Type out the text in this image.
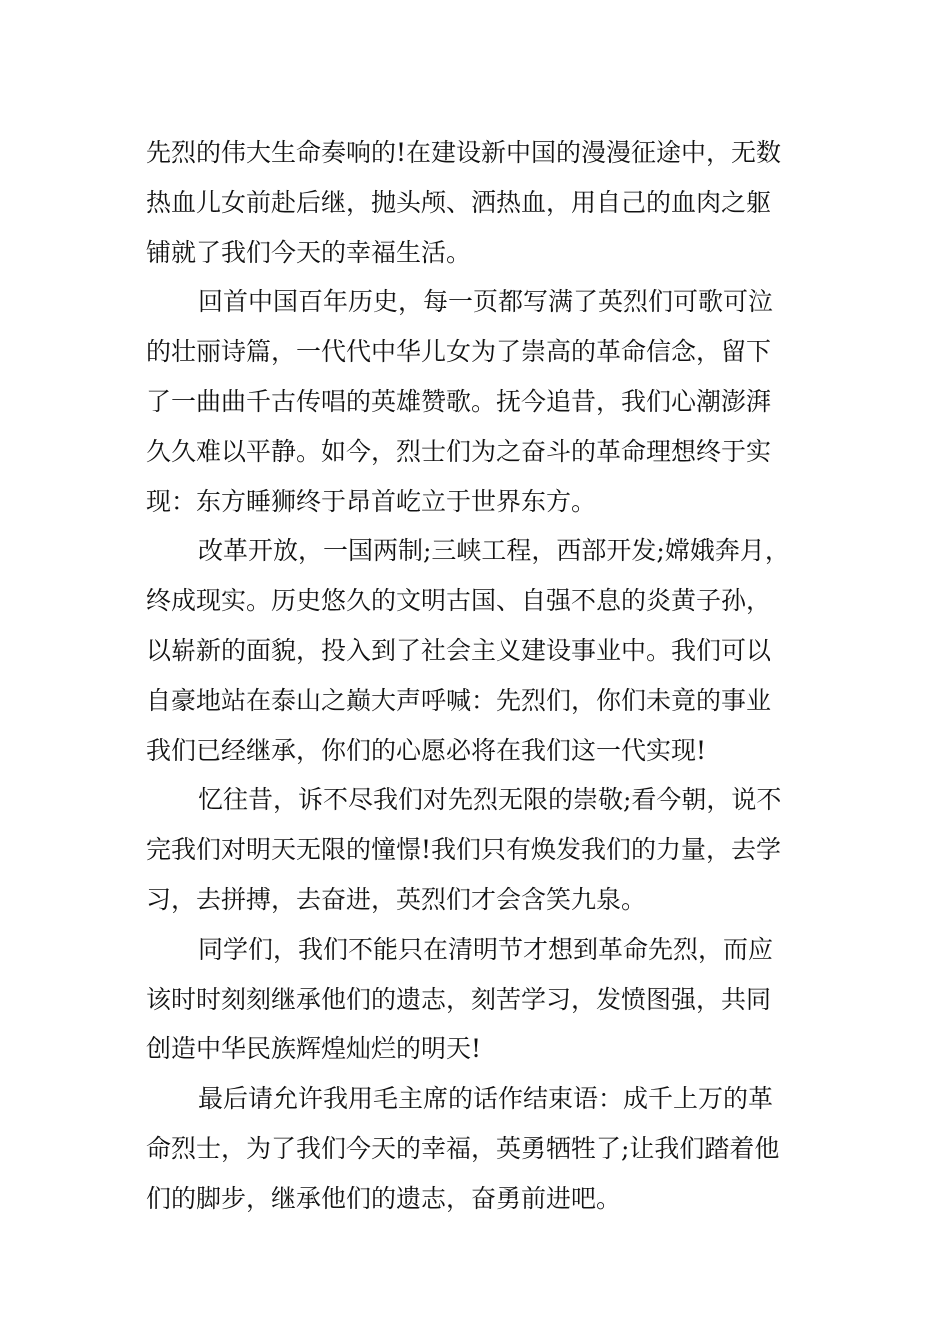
先烈的伟大生命奏响的!在建设新中国的漫漫征途中，无数
热血儿女前赴后继，抛头颅、洒热血，用自己的血肉之躯
铺就了我们今天的幸福生活。

回首中国百年历史，每一页都写满了英烈们可歌可泣
的壮丽诗篇，一代代中华儿女为了崇高的革命信念，留下
了一曲曲千古传唱的英雄赞歌。抚今追昔，我们心潮澎湃
久久难以平静。如今，烈士们为之奋斗的革命理想终于实
现：东方睡狮终于昂首屹立于世界东方。

改革开放，一国两制;三峡工程，西部开发;嫦娥奔月，
终成现实。历史悠久的文明古国、自强不息的炎黄子孙，
以崭新的面貌，投入到了社会主义建设事业中。我们可以
自豪地站在泰山之巅大声呼喊：先烈们，你们未竟的事业
我们已经继承，你们的心愿必将在我们这一代实现!

忆往昔，诉不尽我们对先烈无限的崇敬;看今朝，说不
完我们对明天无限的憧憬!我们只有焕发我们的力量，去学
习，去拼搏，去奋进，英烈们才会含笑九泉。

同学们，我们不能只在清明节才想到革命先烈，而应
该时时刻刻继承他们的遗志，刻苦学习，发愤图强，共同
创造中华民族辉煌灿烂的明天!

最后请允许我用毛主席的话作结束语：成千上万的革
命烈士，为了我们今天的幸福，英勇牺牲了;让我们踏着他
们的脚步，继承他们的遗志，奋勇前进吧。
